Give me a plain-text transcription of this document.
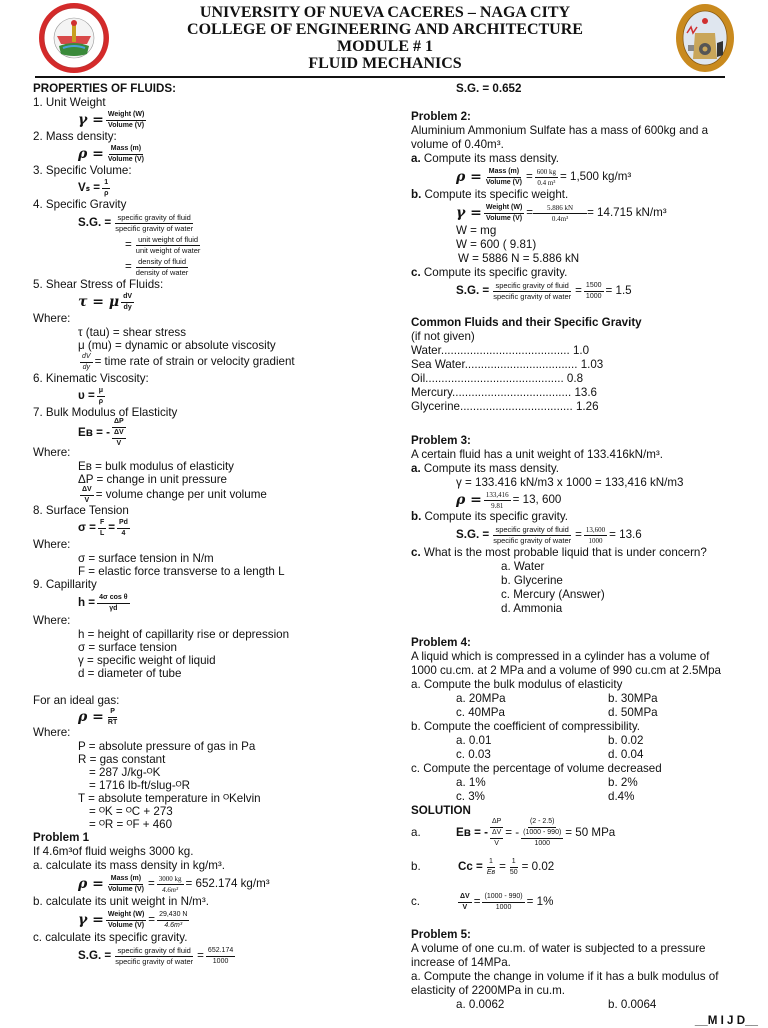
UNIVERSITY OF NUEVA CACERES – NAGA CITY
COLLEGE OF ENGINEERING AND ARCHITECTURE
MODULE # 1
FLUID MECHANICS
PROPERTIES OF FLUIDS:
1. Unit Weight
$\gamma = \frac{\text{Weight (W)}}{\text{Volume (V)}}$
2. Mass density:
$\rho = \frac{\text{Mass (m)}}{\text{Volume (V)}}$
3. Specific Volume:
$V_s = \frac{1}{\rho}$
4. Specific Gravity
S.G. = $\frac{\text{specific gravity of fluid}}{\text{specific gravity of water}}$
= $\frac{\text{unit weight of fluid}}{\text{unit weight of water}}$
= $\frac{\text{density of fluid}}{\text{density of water}}$
5. Shear Stress of Fluids:
τ = μ $\frac{dV}{dy}$
Where:
τ (tau) = shear stress
μ (mu) = dynamic or absolute viscosity
$\frac{dV}{dy}$ = time rate of strain or velocity gradient
6. Kinematic Viscosity:
$\upsilon = \frac{\mu}{\rho}$
7. Bulk Modulus of Elasticity
Eʙ = -
ΔP
ΔV
V
Where:
Eʙ = bulk modulus of elasticity
ΔP = change in unit pressure
$\frac{\Delta V}{V}$ = volume change per unit volume
8. Surface Tension
$\sigma = \frac{F}{L} = \frac{Pd}{4}$
Where:
σ = surface tension in N/m
F = elastic force transverse to a length L
9. Capillarity
$h = \frac{\text{4σ cos θ}}{\gamma d}$
Where:
h = height of capillarity rise or depression
σ = surface tension
γ = specific weight of liquid
d = diameter of tube
For an ideal gas:
$\rho = \frac{P}{RT}$
Where:
P = absolute pressure of gas in Pa
R = gas constant
= 287 J/kg-ᴼK
= 1716 lb-ft/slug-ᴼR
T = absolute temperature in ᴼKelvin
= ᴼK = ᴼC + 273
= ᴼR = ᴼF + 460
Problem 1
If 4.6m³of fluid weighs 3000 kg.
a. calculate its mass density in kg/m³.
$\rho = \frac{\text{Mass (m)}}{\text{Volume (V)}} = \frac{3000 kg}{\text{4.6m³}} = 652.174$ kg/m³
b. calculate its unit weight in N/m³.
$\gamma = \frac{\text{Weight (W)}}{\text{Volume (V)}} = \frac{29,430 N}{\text{4.6m³}}$
c. calculate its specific gravity.
S.G. = $\frac{\text{specific gravity of fluid}}{\text{specific gravity of water}} = \frac{652.174}{1000}$
S.G. = 0.652
Problem 2:
Aluminium Ammonium Sulfate has a mass of 600kg and a
volume of 0.40m³.
a. Compute its mass density.
$\rho = \frac{\text{Mass (m)}}{\text{Volume (V)}} = \frac{600 kg}{\text{0.4 m³}} = 1,500$ kg/m³
b. Compute its specific weight.
$\gamma = \frac{\text{Weight (W)}}{\text{Volume (V)}} = \frac{5.886 kN}{\text{0.4m³}} = 14.715$ kN/m³
W = mg
W = 600 ( 9.81)
W = 5886 N = 5.886 kN
c. Compute its specific gravity.
S.G. = $\frac{\text{specific gravity of fluid}}{\text{specific gravity of water}} = \frac{1500}{1000} = 1.5$
Common Fluids and their Specific Gravity
(if not given)
Water........................................ 1.0
Sea Water................................... 1.03
Oil........................................... 0.8
Mercury..................................... 13.6
Glycerine................................... 1.26
Problem 3:
A certain fluid has a unit weight of 133.416kN/m³.
a. Compute its mass density.
γ = 133.416 kN/m3 x 1000 = 133,416 kN/m3
$\rho = \frac{133,416}{9.81} = 13$, 600
b. Compute its specific gravity.
S.G. = $\frac{\text{specific gravity of fluid}}{\text{specific gravity of water}} = \frac{13,600}{1000} = 13.6$
c. What is the most probable liquid that is under concern?
a. Water
b. Glycerine
c. Mercury (Answer)
d. Ammonia
Problem 4:
A liquid which is compressed in a cylinder has a volume of
1000 cu.cm. at 2 MPa and a volume of 990 cu.cm at 2.5Mpa
a. Compute the bulk modulus of elasticity
a. 20MPa	b. 30MPa
c. 40MPa	d. 50MPa
b. Compute the coefficient of compressibility.
a. 0.01	b. 0.02
c. 0.03	d. 0.04
c. Compute the percentage of volume decreased
a. 1%	b. 2%
c. 3%	d.4%
SOLUTION
a.	Eʙ = -
ΔP
ΔV
V
= -
(2 - 2.5)
(1000 - 990)
1000
= 50 MPa
b.	Cᴄ = $\frac{1}{\text{Eʙ}} = \frac{1}{50} = 0.02$
c.	$\frac{\Delta V}{V} = \frac{(1000 - 990)}{1000} = 1\%$
Problem 5:
A volume of one cu.m. of water is subjected to a pressure
increase of 14MPa.
a. Compute the change in volume if it has a bulk modulus of
elasticity of 2200MPa in cu.m.
a. 0.0062	b. 0.0064
__M I J D__
